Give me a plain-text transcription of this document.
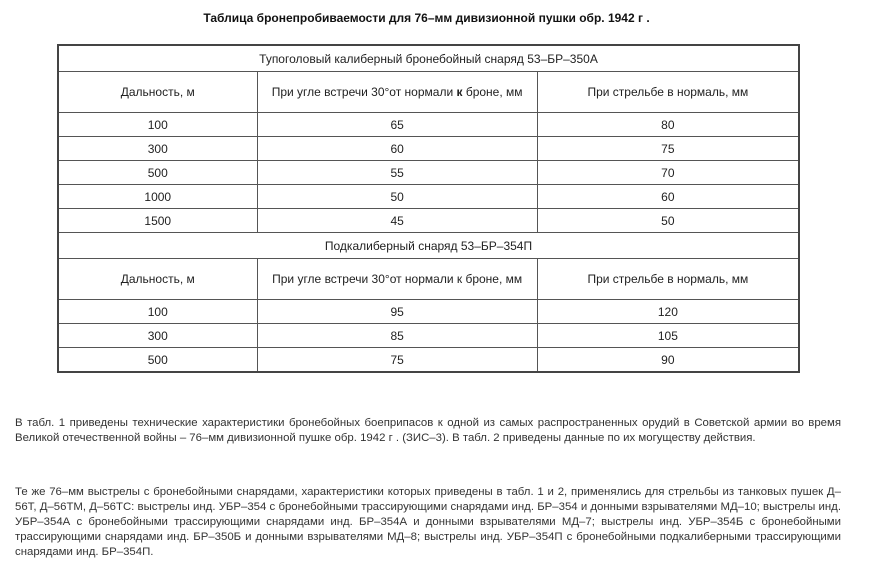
Таблица бронепробиваемости для 76–мм дивизионной пушки обр. 1942 г .
Тупоголовый калиберный бронебойный снаряд 53–БР–350А		
Дальность, м	При угле встречи 30°от нормали к броне, мм	При стрельбе в нормаль, мм
100	65	80
300	60	75
500	55	70
1000	50	60
1500	45	50
Подкалиберный снаряд 53–БР–354П		
Дальность, м	При угле встречи 30°от нормали к броне, мм	При стрельбе в нормаль, мм
100	95	120
300	85	105
500	75	90

В табл. 1 приведены технические характеристики бронебойных боеприпасов к одной из самых распространенных орудий в Советской армии во время Великой отечественной войны – 76–мм дивизионной пушке обр. 1942 г . (ЗИС–3). В табл. 2 приведены данные по их могуществу действия.

Те же 76–мм выстрелы с бронебойными снарядами, характеристики которых приведены в табл. 1 и 2, применялись для стрельбы из танковых пушек Д–56Т, Д–56ТМ, Д–56ТС: выстрелы инд. УБР–354 с бронебойными трассирующими снарядами инд. БР–354 и донными взрывателями МД–10; выстрелы инд. УБР–354А с бронебойными трассирующими снарядами инд. БР–354А и донными взрывателями МД–7; выстрелы инд. УБР–354Б с бронебойными трассирующими снарядами инд. БР–350Б и донными взрывателями МД–8; выстрелы инд. УБР–354П с бронебойными подкалиберными трассирующими снарядами инд. БР–354П.
